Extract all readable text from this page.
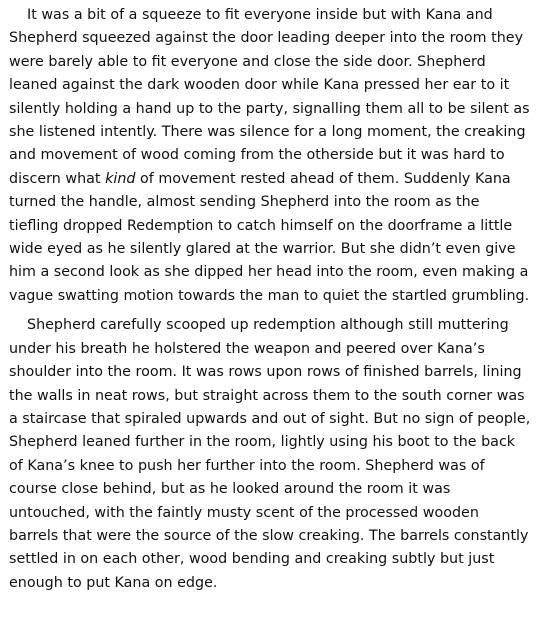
It was a bit of a squeeze to fit everyone inside but with Kana and Shepherd squeezed against the door leading deeper into the room they were barely able to fit everyone and close the side door. Shepherd leaned against the dark wooden door while Kana pressed her ear to it silently holding a hand up to the party, signalling them all to be silent as she listened intently. There was silence for a long moment, the creaking and movement of wood coming from the otherside but it was hard to discern what kind of movement rested ahead of them. Suddenly Kana turned the handle, almost sending Shepherd into the room as the tiefling dropped Redemption to catch himself on the doorframe a little wide eyed as he silently glared at the warrior. But she didn’t even give him a second look as she dipped her head into the room, even making a vague swatting motion towards the man to quiet the startled grumbling.

Shepherd carefully scooped up redemption although still muttering under his breath he holstered the weapon and peered over Kana’s shoulder into the room. It was rows upon rows of finished barrels, lining the walls in neat rows, but straight across them to the south corner was a staircase that spiraled upwards and out of sight. But no sign of people, Shepherd leaned further in the room, lightly using his boot to the back of Kana’s knee to push her further into the room. Shepherd was of course close behind, but as he looked around the room it was untouched, with the faintly musty scent of the processed wooden barrels that were the source of the slow creaking. The barrels constantly settled in on each other, wood bending and creaking subtly but just enough to put Kana on edge.
